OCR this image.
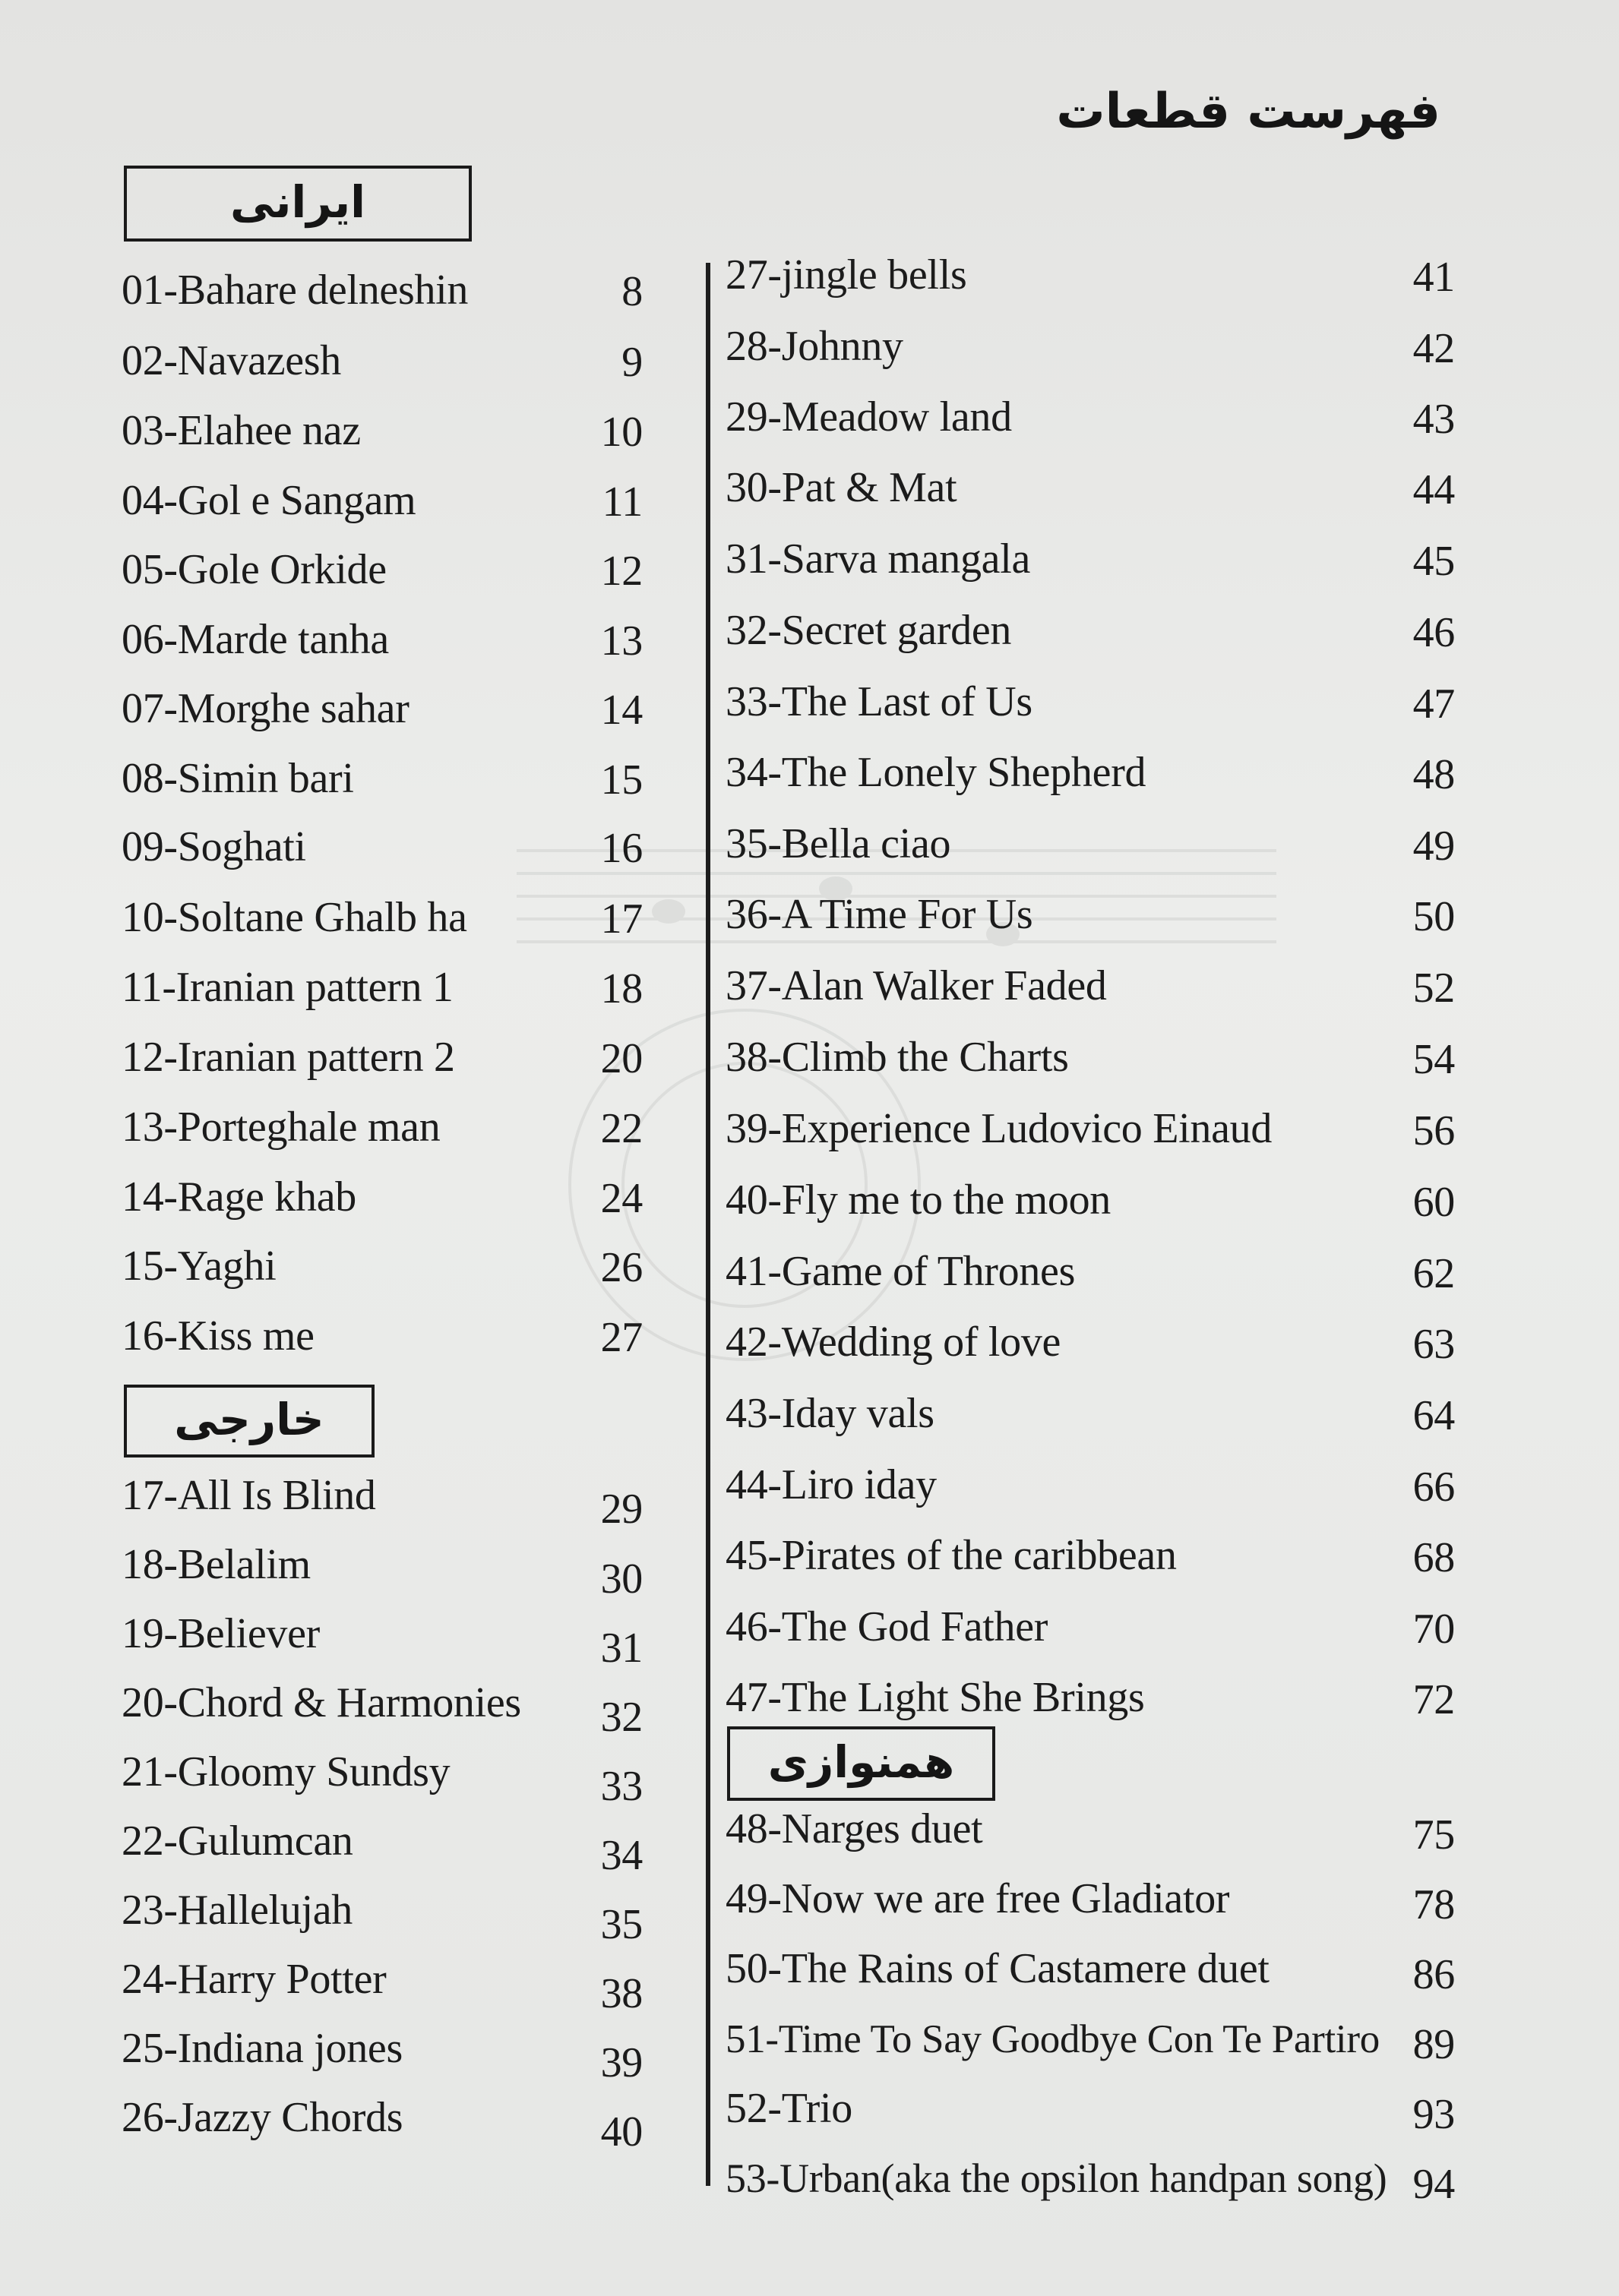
فهرست قطعات
ایرانی
خارجی
همنوازی
01-Bahare delneshin	8
02-Navazesh	9
03-Elahee naz	10
04-Gol e Sangam	11
05-Gole Orkide	12
06-Marde tanha	13
07-Morghe sahar	14
08-Simin bari	15
09-Soghati	16
10-Soltane Ghalb ha	17
11-Iranian pattern 1	18
12-Iranian pattern 2	20
13-Porteghale man	22
14-Rage khab	24
15-Yaghi	26
16-Kiss me	27
17-All Is Blind	29
18-Belalim	30
19-Believer	31
20-Chord & Harmonies 32
21-Gloomy Sundsy	33
22-Gulumcan	34
23-Hallelujah	35
24-Harry Potter	38
25-Indiana jones	39
26-Jazzy Chords	40
27-jingle bells	41
28-Johnny	42
29-Meadow land	43
30-Pat & Mat	44
31-Sarva mangala	45
32-Secret garden	46
33-The Last of Us	47
34-The Lonely Shepherd	48
35-Bella ciao	49
36-A Time For Us	50
37-Alan Walker Faded	52
38-Climb the Charts	54
39-Experience Ludovico Einaud	56
40-Fly me to the moon	60
41-Game of Thrones	62
42-Wedding of love	63
43-Iday vals	64
44-Liro iday	66
45-Pirates of the caribbean	68
46-The God Father	70
47-The Light She Brings	72
48-Narges duet	75
49-Now we are free Gladiator	78
50-The Rains of Castamere duet	86
51-Time To Say Goodbye Con Te Partiro 89
52-Trio	93
53-Urban(aka the opsilon handpan song) 94
